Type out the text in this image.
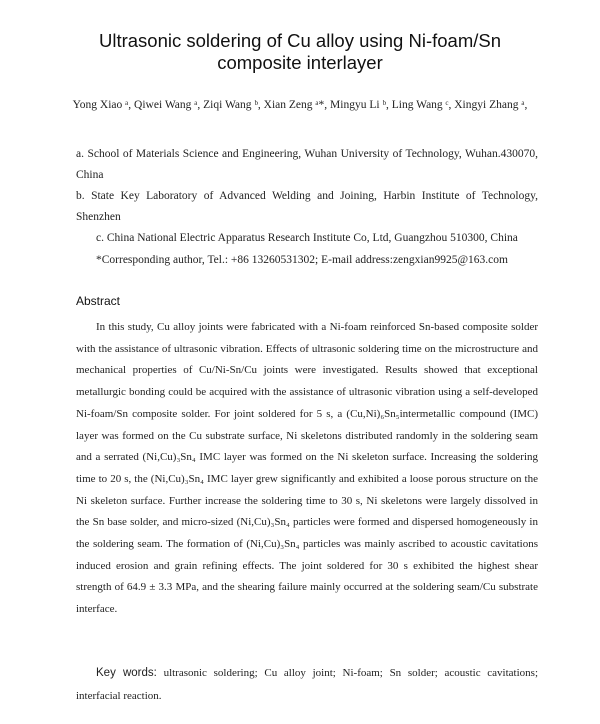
Ultrasonic soldering of Cu alloy using Ni-foam/Sn composite interlayer
Yong Xiao ᵃ, Qiwei Wang ᵃ, Ziqi Wang ᵇ, Xian Zeng ᵃ*, Mingyu Li ᵇ, Ling Wang ᶜ, Xingyi Zhang ᵃ,

a. School of Materials Science and Engineering, Wuhan University of Technology, Wuhan.430070, China

b. State Key Laboratory of Advanced Welding and Joining, Harbin Institute of Technology, Shenzhen

c. China National Electric Apparatus Research Institute Co, Ltd, Guangzhou 510300, China

*Corresponding author, Tel.: +86 13260531302; E-mail address:zengxian9925@163.com

Abstract

In this study, Cu alloy joints were fabricated with a Ni-foam reinforced Sn-based composite solder with the assistance of ultrasonic vibration. Effects of ultrasonic soldering time on the microstructure and mechanical properties of Cu/Ni-Sn/Cu joints were investigated. Results showed that exceptional metallurgic bonding could be acquired with the assistance of ultrasonic vibration using a self-developed Ni-foam/Sn composite solder. For joint soldered for 5 s, a (Cu,Ni)₆Sn₅intermetallic compound (IMC) layer was formed on the Cu substrate surface, Ni skeletons distributed randomly in the soldering seam and a serrated (Ni,Cu)₃Sn₄ IMC layer was formed on the Ni skeleton surface. Increasing the soldering time to 20 s, the (Ni,Cu)₃Sn₄ IMC layer grew significantly and exhibited a loose porous structure on the Ni skeleton surface. Further increase the soldering time to 30 s, Ni skeletons were largely dissolved in the Sn base solder, and micro-sized (Ni,Cu)₃Sn₄ particles were formed and dispersed homogeneously in the soldering seam. The formation of (Ni,Cu)₃Sn₄ particles was mainly ascribed to acoustic cavitations induced erosion and grain refining effects. The joint soldered for 30 s exhibited the highest shear strength of 64.9 ± 3.3 MPa, and the shearing failure mainly occurred at the soldering seam/Cu substrate interface.

Key words: ultrasonic soldering; Cu alloy joint; Ni-foam; Sn solder; acoustic cavitations; interfacial reaction.
